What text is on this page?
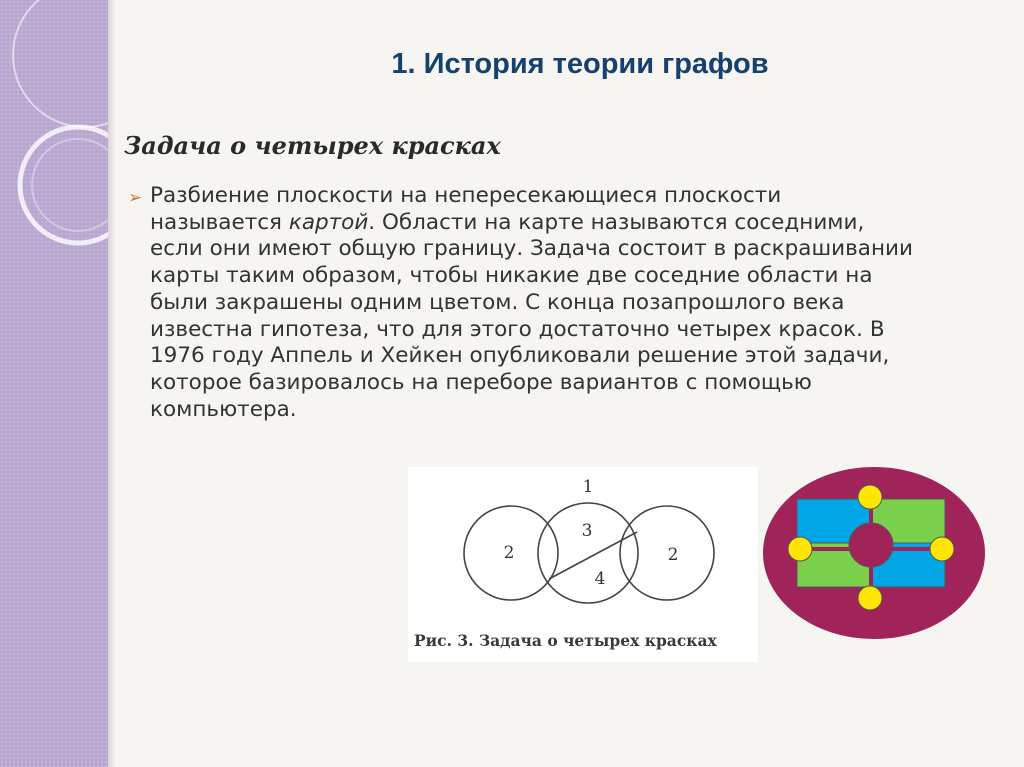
1. История теории графов
Задача о четырех красках
➢ Разбиение плоскости на непересекающиеся плоскости
называется картой. Области на карте называются соседними,
если они имеют общую границу. Задача состоит в раскрашивании
карты таким образом, чтобы никакие две соседние области на
были закрашены одним цветом. С конца позапрошлого века
известна гипотеза, что для этого достаточно четырех красок. В
1976 году Аппель и Хейкен опубликовали решение этой задачи,
которое базировалось на переборе вариантов с помощью
компьютера.

1
2
3
4
2
Рис. 3. Задача о четырех красках
